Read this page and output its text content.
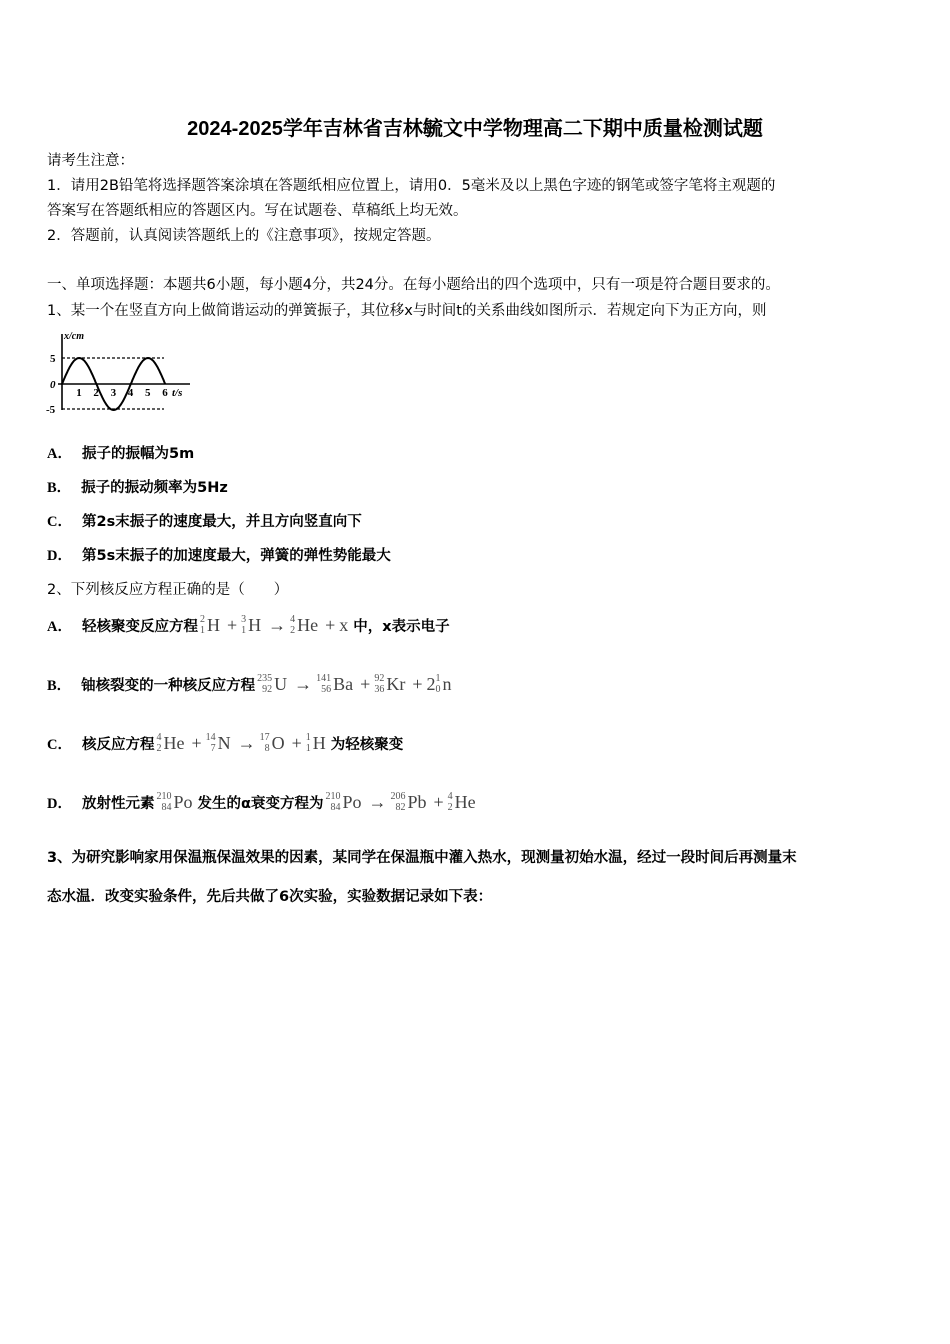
2024-2025学年吉林省吉林毓文中学物理高二下期中质量检测试题
请考生注意：
1．请用2B铅笔将选择题答案涂填在答题纸相应位置上，请用0．5毫米及以上黑色字迹的钢笔或签字笔将主观题的
答案写在答题纸相应的答题区内。写在试题卷、草稿纸上均无效。
2．答题前，认真阅读答题纸上的《注意事项》，按规定答题。
一、单项选择题：本题共6小题，每小题4分，共24分。在每小题给出的四个选项中，只有一项是符合题目要求的。
1、某一个在竖直方向上做简谐运动的弹簧振子，其位移x与时间t的关系曲线如图所示．若规定向下为正方向，则
x/cm
t/s
5
0
-5
1 2 3 4 5 6
A． 振子的振幅为5m
B． 振子的振动频率为5Hz
C． 第2s末振子的速度最大，并且方向竖直向下
D． 第5s末振子的加速度最大，弹簧的弹性势能最大
2、下列核反应方程正确的是（　　）
A． 轻核聚变反应方程 2
1 H + 3
1 H → 4
2 He + x 中，x表示电子
B． 铀核裂变的一种核反应方程 235
92 U → 141
56 Ba + 92
36 Kr + 2 1
0 n
C． 核反应方程 4
2 He + 14
7 N → 17
8 O + 1
1 H 为轻核聚变
D． 放射性元素 210
84 Po 发生的α衰变方程为 210
84 Po → 206
82 Pb + 4
2 He
3、为研究影响家用保温瓶保温效果的因素，某同学在保温瓶中灌入热水，现测量初始水温，经过一段时间后再测量末
态水温．改变实验条件，先后共做了6次实验，实验数据记录如下表：
